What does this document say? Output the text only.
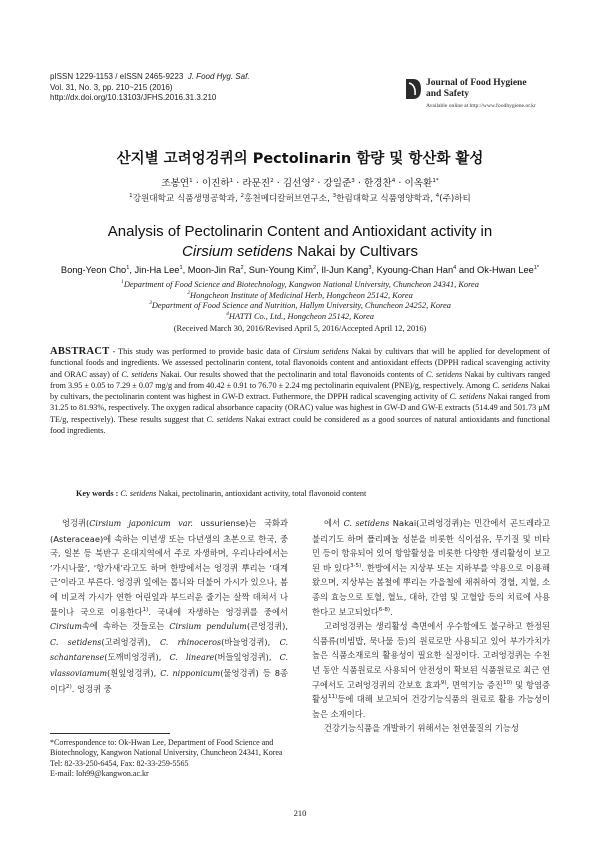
pISSN 1229-1153 / eISSN 2465-9223 J. Food Hyg. Saf.
Vol. 31, No. 3, pp. 210~215 (2016)
http://dx.doi.org/10.13103/JFHS.2016.31.3.210
Journal of Food Hygiene
and Safety
Available online at http://www.foodhygiene.or.kr
산지별 고려엉겅퀴의 Pectolinarin 함량 및 항산화 활성
조봉연$^1$ · 이진하$^1$ · 라문진$^2$ · 김선영$^2$ · 강일준$^3$ · 한경찬$^4$ · 이옥환$^{1*}$
$^1$강원대학교 식품생명공학과, $^2$홍천메디칼허브연구소, $^3$한림대학교 식품영양학과, $^4$(주)하티
Analysis of Pectolinarin Content and Antioxidant activity in
Cirsium setidens Nakai by Cultivars
Bong-Yeon Cho$^1$, Jin-Ha Lee$^1$, Moon-Jin Ra$^2$, Sun-Young Kim$^2$, Il-Jun Kang$^3$, Kyoung-Chan Han$^4$ and Ok-Hwan Lee$^{1*}$
$^1$Department of Food Science and Biotechnology, Kangwon National University, Chuncheon 24341, Korea
$^2$Hongcheon Institute of Medicinal Herb, Hongcheon 25142, Korea
$^3$Department of Food Science and Nutrition, Hallym University, Chuncheon 24252, Korea
$^4$HATTI Co., Ltd., Hongcheon 25142, Korea
(Received March 30, 2016/Revised April 5, 2016/Accepted April 12, 2016)
ABSTRACT - This study was performed to provide basic data of Cirsium setidens Nakai by cultivars that will be applied for development of functional foods and ingredients. We assessed pectolinarin content, total flavonoids content and antioxidant effects (DPPH radical scavenging activity and ORAC assay) of C. setidens Nakai. Our results showed that the pectolinarin and total flavonoids contents of C. setidens Nakai by cultivars ranged from 3.95 ± 0.05 to 7.29 ± 0.07 mg/g and from 40.42 ± 0.91 to 76.70 ± 2.24 mg pectolinarin equivalent (PNE)/g, respectively. Among C. setidens Nakai by cultivars, the pectolinarin content was highest in GW-D extract. Futhermore, the DPPH radical scavenging activity of C. setidens Nakai ranged from 31.25 to 81.93%, respectively. The oxygen radical absorbance capacity (ORAC) value was highest in GW-D and GW-E extracts (514.49 and 501.73 μM TE/g, respectively). These results suggest that C. setidens Nakai extract could be considered as a good sources of natural antioxidants and functional food ingredients.
Key words : C. setidens Nakai, pectolinarin, antioxidant activity, total flavonoid content

엉겅퀴(Cirsium japonicum var. ussuriense)는 국화과 (Asteraceae)에 속하는 이년생 또는 다년생의 초본으로 한국, 중국, 일본 등 북반구 온대지역에서 주로 자생하며, 우리나라에서는 ‘가시나물’, ‘항가새’라고도 하며 한방에서는 엉겅퀴 뿌리는 ‘대계근’이라고 부른다. 엉겅퀴 잎에는 톱니와 더불어 가시가 있으나, 봄에 비교적 가시가 연한 어린잎과 부드러운 줄기는 살짝 데쳐서 나물이나 국으로 이용한다$^{1)}$. 국내에 자생하는 엉겅퀴를 중에서 Cirsium속에 속하는 것들로는 Cirsium pendulum(큰엉겅퀴), C. setidens(고려엉겅퀴), C. rhinoceros(바늘엉겅퀴), C. schantarense(도깨비엉겅퀴), C. lineare(버들잎엉겅퀴), C. vlassoviamum(흰잎엉겅퀴), C. nipponicum(물엉겅퀴) 등 8종이다$^{2)}$. 엉겅퀴 중

에서 C. setidens Nakai(고려엉겅퀴)는 민간에서 곤드레라고 불리기도 하며 폴리페놀 성분을 비롯한 식이섬유, 무기질 및 비타민 등이 함유되어 있어 항암활성을 비롯한 다양한 생리활성이 보고된 바 있다$^{3-5)}$. 한방에서는 지상부 또는 지하부를 약용으로 이용해 왔으며, 지상부는 봄철에 뿌리는 가을철에 채취하여 경혈, 지혈, 소종의 효능으로 토혈, 혈뇨, 대하, 간염 및 고혈압 등의 치료에 사용한다고 보고되었다$^{6-8)}$.

고려엉겅퀴는 생리활성 측면에서 우수함에도 불구하고 한정된 식품류(비빔밥, 묵나물 등)의 원료로만 사용되고 있어 부가가치가 높은 식품소재로의 활용성이 필요한 실정이다. 고려엉겅퀴는 수천 년 동안 식품원료로 사용되어 안전성이 확보된 식품원료로 최근 연구에서도 고려엉겅퀴의 간보호 효과$^{9)}$, 면역기능 증진$^{10)}$ 및 항염증 활성$^{11)}$등에 대해 보고되어 건강기능식품의 원료로 활용 가능성이 높은 소재이다.

건강기능식품을 개발하기 위해서는 천연물질의 기능성

*Correspondence to: Ok-Hwan Lee, Department of Food Science and Biotechnology, Kangwon National University, Chuncheon 24341, Korea
Tel: 82-33-250-6454, Fax: 82-33-259-5565
E-mail: loh99@kangwon.ac.kr
210
